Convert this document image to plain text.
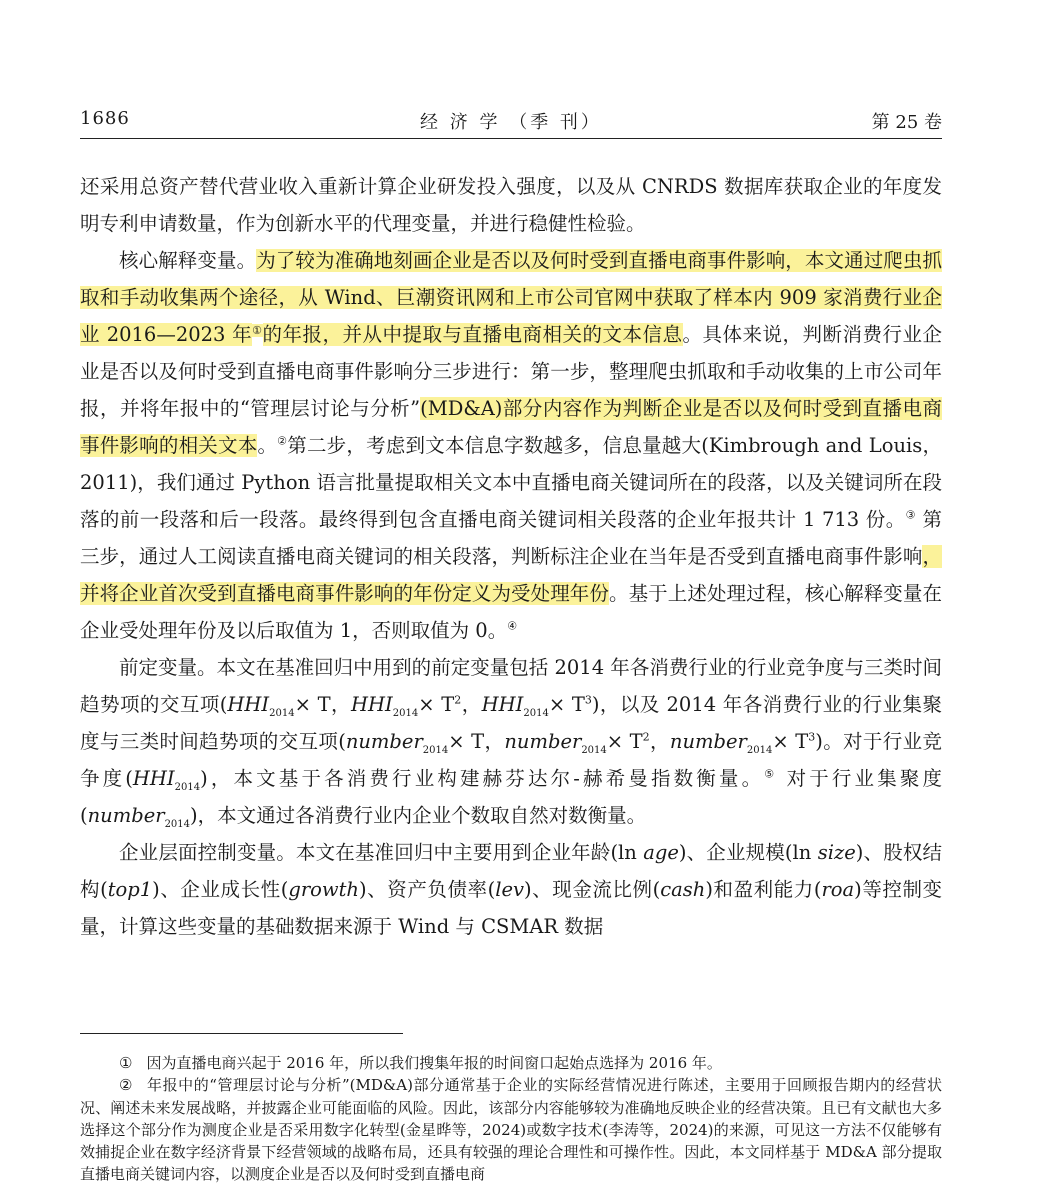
1686	经 济 学 （季 刊）	第 25 卷

还采用总资产替代营业收入重新计算企业研发投入强度，以及从 CNRDS 数据库获取企业的年度发明专利申请数量，作为创新水平的代理变量，并进行稳健性检验。

核心解释变量。为了较为准确地刻画企业是否以及何时受到直播电商事件影响，本文通过爬虫抓取和手动收集两个途径，从 Wind、巨潮资讯网和上市公司官网中获取了样本内 909 家消费行业企业 2016—2023 年①的年报，并从中提取与直播电商相关的文本信息。具体来说，判断消费行业企业是否以及何时受到直播电商事件影响分三步进行：第一步，整理爬虫抓取和手动收集的上市公司年报，并将年报中的“管理层讨论与分析”(MD&A)部分内容作为判断企业是否以及何时受到直播电商事件影响的相关文本。②第二步，考虑到文本信息字数越多，信息量越大(Kimbrough and Louis，2011)，我们通过 Python 语言批量提取相关文本中直播电商关键词所在的段落，以及关键词所在段落的前一段落和后一段落。最终得到包含直播电商关键词相关段落的企业年报共计 1 713 份。③ 第三步，通过人工阅读直播电商关键词的相关段落，判断标注企业在当年是否受到直播电商事件影响，并将企业首次受到直播电商事件影响的年份定义为受处理年份。基于上述处理过程，核心解释变量在企业受处理年份及以后取值为 1，否则取值为 0。④

前定变量。本文在基准回归中用到的前定变量包括 2014 年各消费行业的行业竞争度与三类时间趋势项的交互项($HHI_{2014}\times T$，$HHI_{2014}\times T^2$，$HHI_{2014}\times T^3$)，以及 2014 年各消费行业的行业集聚度与三类时间趋势项的交互项(number$_{2014}$× T，number$_{2014}$× $T^2$，number$_{2014}$× $T^3$)。对于行业竞争度$(HHI_{2014})$，本文基于各消费行业构建赫芬达尔-赫希曼指数衡量。⑤ 对于行业集聚度(number$_{2014}$)，本文通过各消费行业内企业个数取自然对数衡量。

企业层面控制变量。本文在基准回归中主要用到企业年龄(ln age)、企业规模(ln size)、股权结构(top1)、企业成长性(growth)、资产负债率(lev)、现金流比例(cash)和盈利能力(roa)等控制变量，计算这些变量的基础数据来源于 Wind 与 CSMAR 数据

① 因为直播电商兴起于 2016 年，所以我们搜集年报的时间窗口起始点选择为 2016 年。

② 年报中的“管理层讨论与分析”(MD&A)部分通常基于企业的实际经营情况进行陈述，主要用于回顾报告期内的经营状况、阐述未来发展战略，并披露企业可能面临的风险。因此，该部分内容能够较为准确地反映企业的经营决策。且已有文献也大多选择这个部分作为测度企业是否采用数字化转型(金星晔等，2024)或数字技术(李涛等，2024)的来源，可见这一方法不仅能够有效捕捉企业在数字经济背景下经营领域的战略布局，还具有较强的理论合理性和可操作性。因此，本文同样基于 MD&A 部分提取直播电商关键词内容，以测度企业是否以及何时受到直播电商
